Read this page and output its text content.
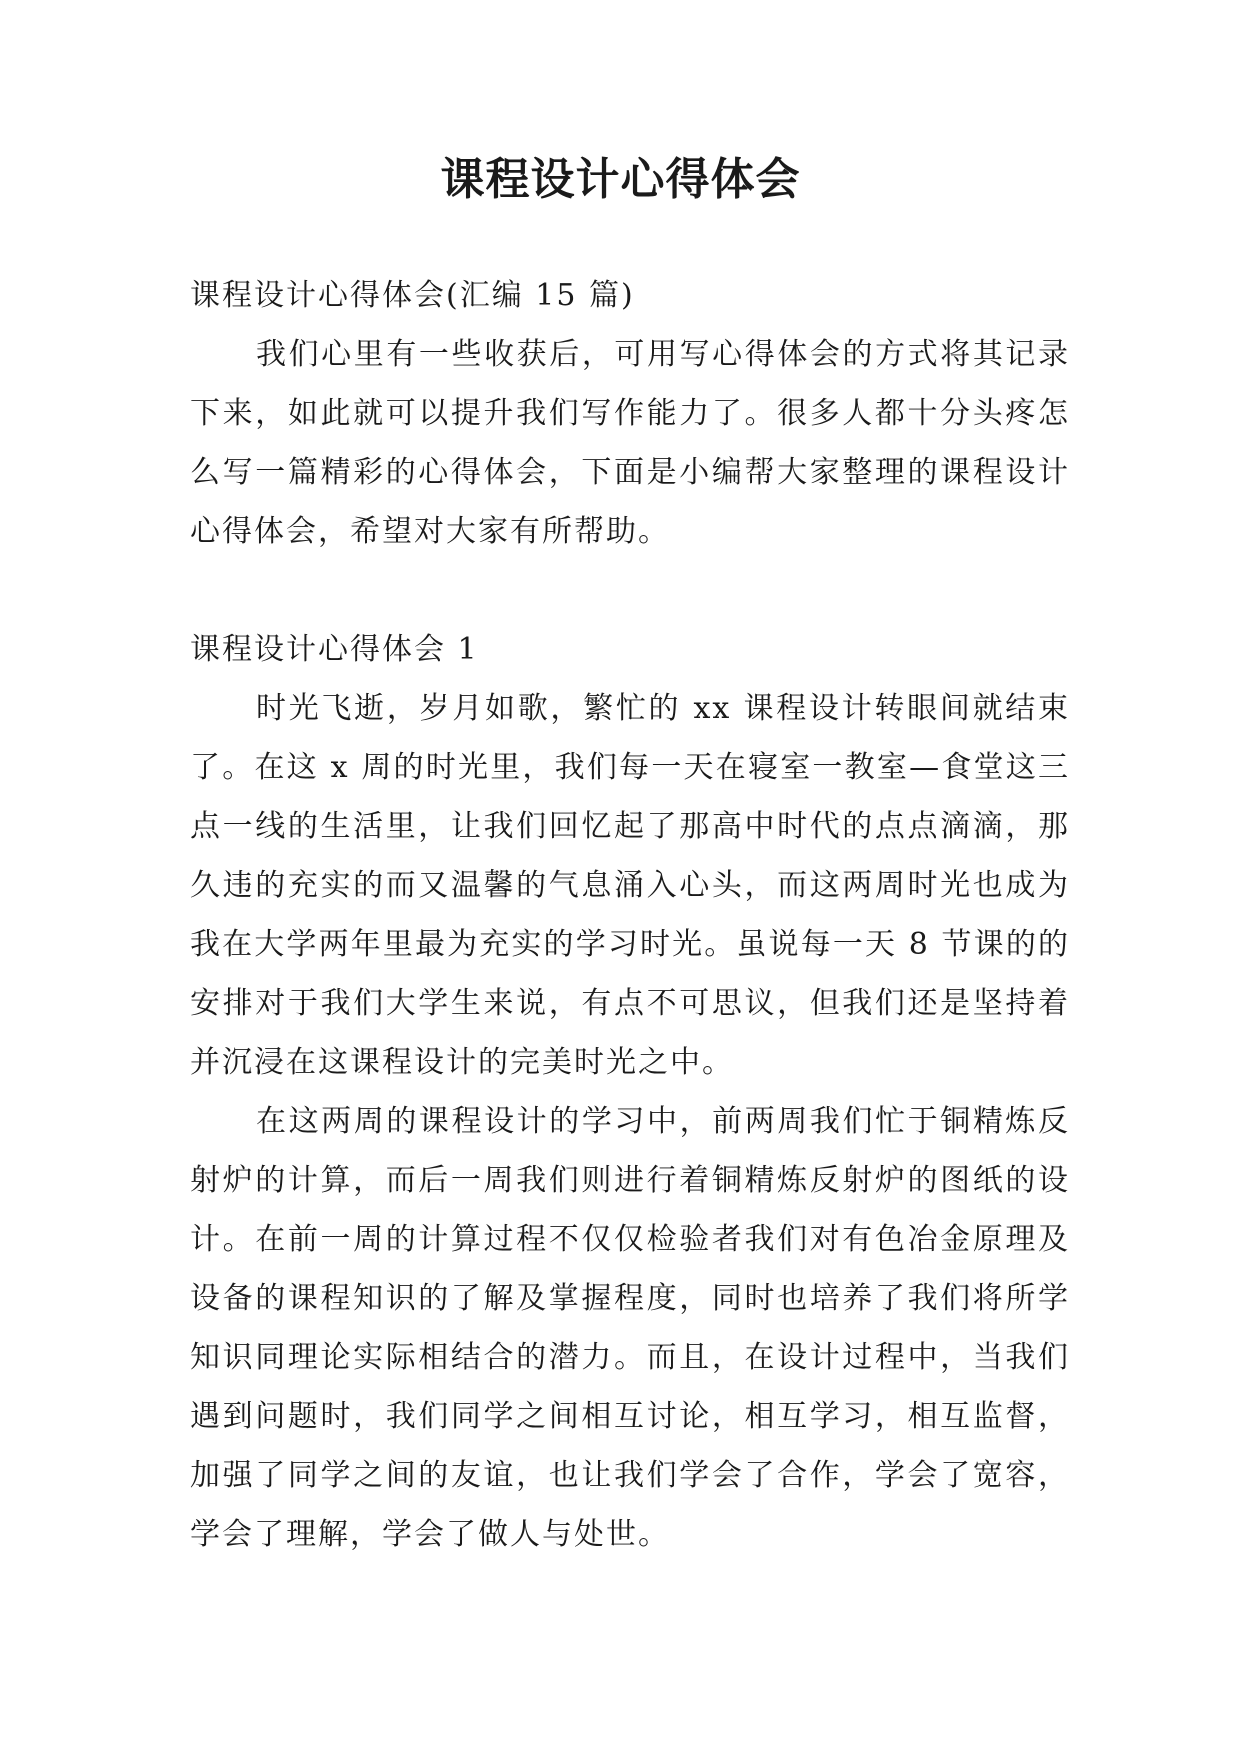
课程设计心得体会

课程设计心得体会(汇编 15 篇)

我们心里有一些收获后，可用写心得体会的方式将其记录下来，如此就可以提升我们写作能力了。很多人都十分头疼怎么写一篇精彩的心得体会，下面是小编帮大家整理的课程设计心得体会，希望对大家有所帮助。

课程设计心得体会 1

时光飞逝，岁月如歌，繁忙的 xx 课程设计转眼间就结束了。在这 x 周的时光里，我们每一天在寝室一教室—食堂这三点一线的生活里，让我们回忆起了那高中时代的点点滴滴，那久违的充实的而又温馨的气息涌入心头，而这两周时光也成为我在大学两年里最为充实的学习时光。虽说每一天 8 节课的的安排对于我们大学生来说，有点不可思议，但我们还是坚持着并沉浸在这课程设计的完美时光之中。

在这两周的课程设计的学习中，前两周我们忙于铜精炼反射炉的计算，而后一周我们则进行着铜精炼反射炉的图纸的设计。在前一周的计算过程不仅仅检验者我们对有色冶金原理及设备的课程知识的了解及掌握程度，同时也培养了我们将所学知识同理论实际相结合的潜力。而且，在设计过程中，当我们遇到问题时，我们同学之间相互讨论，相互学习，相互监督，加强了同学之间的友谊，也让我们学会了合作，学会了宽容，学会了理解，学会了做人与处世。
